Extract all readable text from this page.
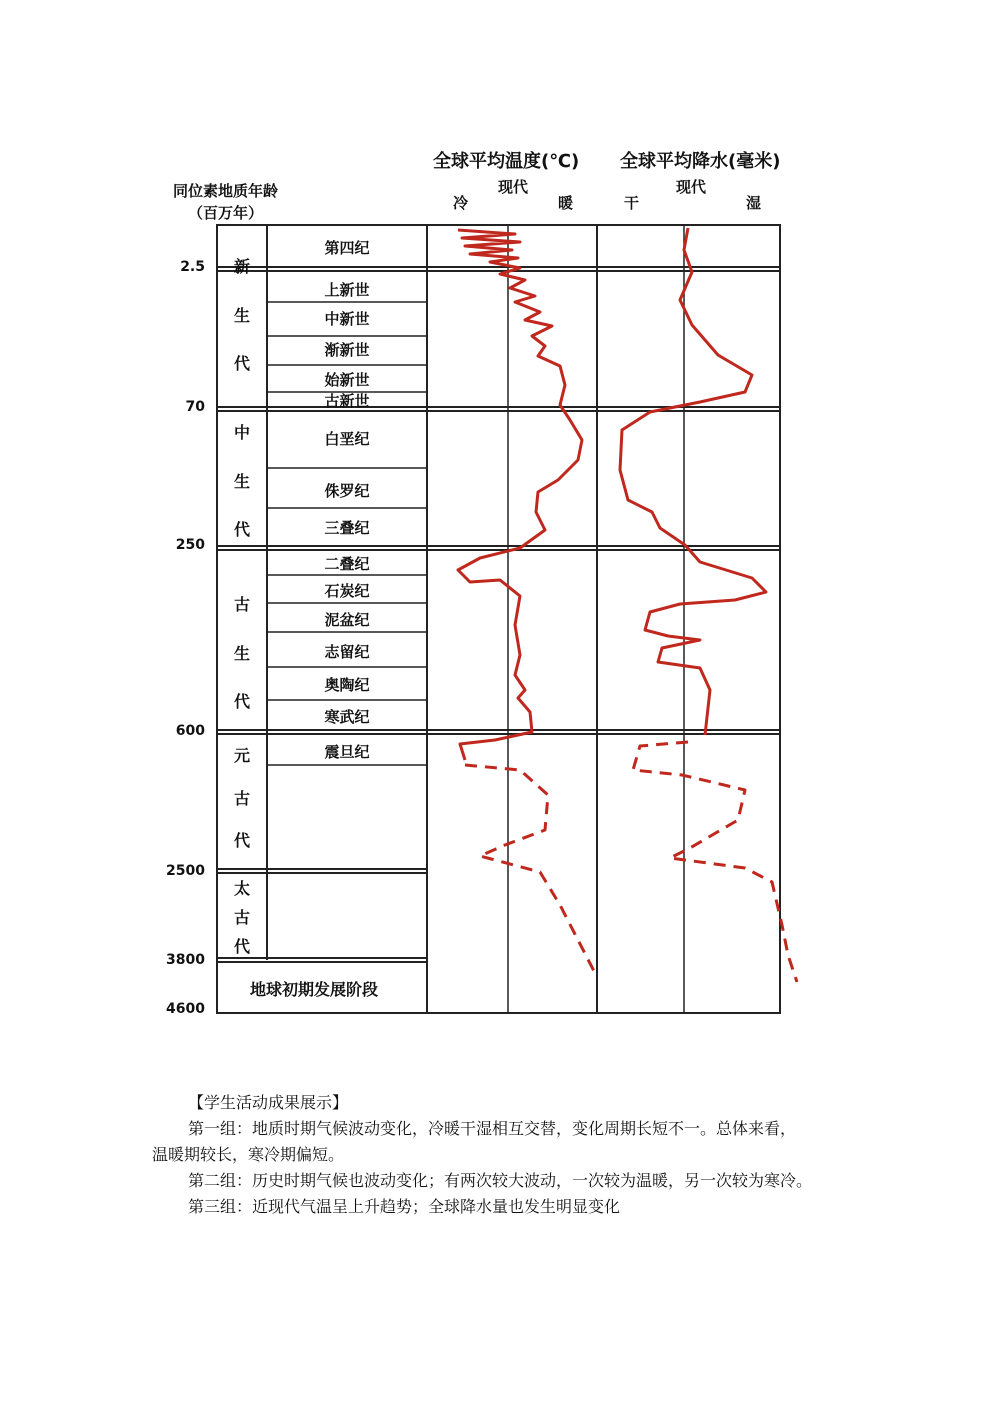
全球平均温度(℃) 全球平均降水(毫米)
同位素地质年龄
（百万年）
冷
现代
暖	干
现代
湿
2.5
70
250
600
2500
3800
4600
新
生
代
中
生
代
古
生
代
元
古
代
太
古
代
第四纪
上新世
中新世
渐新世
始新世
古新世
白垩纪
侏罗纪
三叠纪
二叠纪
石炭纪
泥盆纪
志留纪
奥陶纪
寒武纪
震旦纪
地球初期发展阶段
【学生活动成果展示】
第一组：地质时期气候波动变化，冷暖干湿相互交替，变化周期长短不一。总体来看，
温暖期较长，寒冷期偏短。
第二组：历史时期气候也波动变化；有两次较大波动，一次较为温暖，另一次较为寒冷。
第三组：近现代气温呈上升趋势；全球降水量也发生明显变化
